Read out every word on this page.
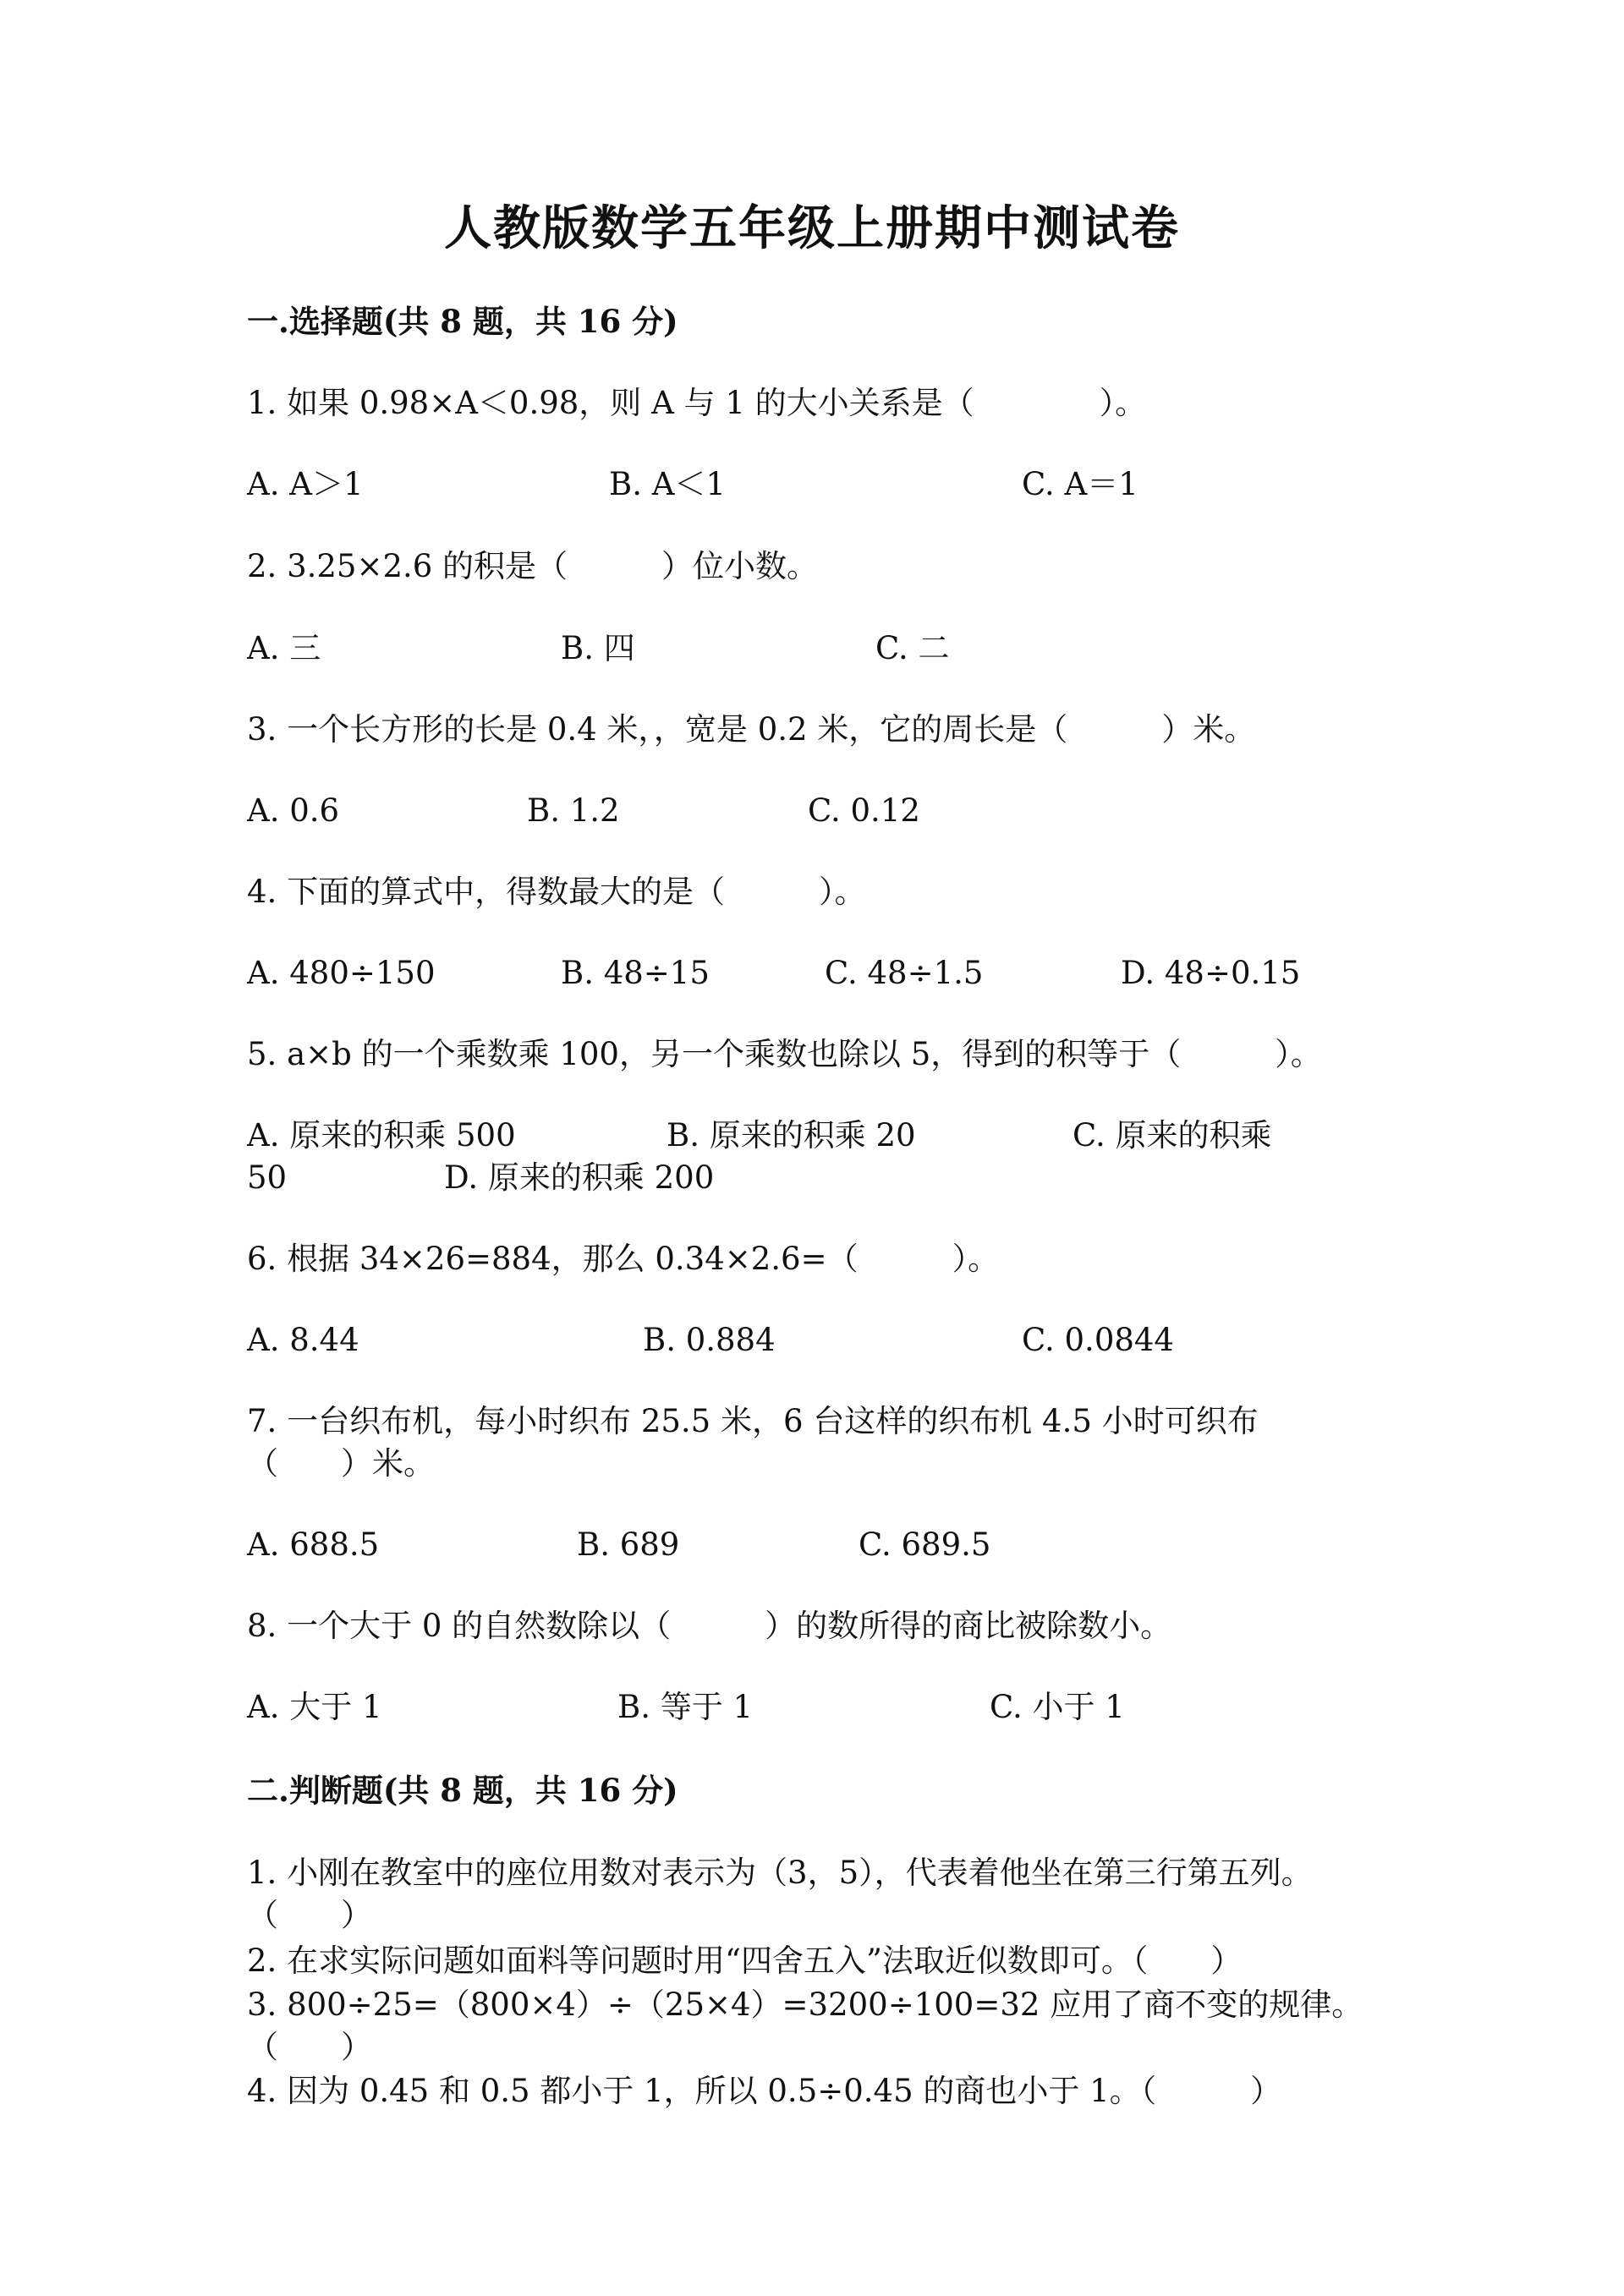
人教版数学五年级上册期中测试卷
一.选择题(共 8 题，共 16 分)
1. 如果 0.98×A＜0.98，则 A 与 1 的大小关系是（　　　　）。
A. A＞1	B. A＜1	C. A＝1
2. 3.25×2.6 的积是（　　　）位小数。
A. 三	B. 四	C. 二
3. 一个长方形的长是 0.4 米，，宽是 0.2 米，它的周长是（　　　）米。
A. 0.6	B. 1.2	C. 0.12
4. 下面的算式中，得数最大的是（　　　）。
A. 480÷150	B. 48÷15	C. 48÷1.5	D. 48÷0.15
5. a×b 的一个乘数乘 100，另一个乘数也除以 5，得到的积等于（　　　）。
A. 原来的积乘 500	B. 原来的积乘 20	C. 原来的积乘
50	D. 原来的积乘 200
6. 根据 34×26=884，那么 0.34×2.6=（　　　）。
A. 8.44	B. 0.884	C. 0.0844
7. 一台织布机，每小时织布 25.5 米，6 台这样的织布机 4.5 小时可织布
（　　）米。
A. 688.5	B. 689	C. 689.5
8. 一个大于 0 的自然数除以（　　　）的数所得的商比被除数小。
A. 大于 1	B. 等于 1	C. 小于 1
二.判断题(共 8 题，共 16 分)
1. 小刚在教室中的座位用数对表示为（3，5），代表着他坐在第三行第五列。
（　　）
2. 在求实际问题如面料等问题时用“四舍五入”法取近似数即可。（　　）
3. 800÷25=（800×4）÷（25×4）=3200÷100=32 应用了商不变的规律。
（　　）
4. 因为 0.45 和 0.5 都小于 1，所以 0.5÷0.45 的商也小于 1。（　　　）
